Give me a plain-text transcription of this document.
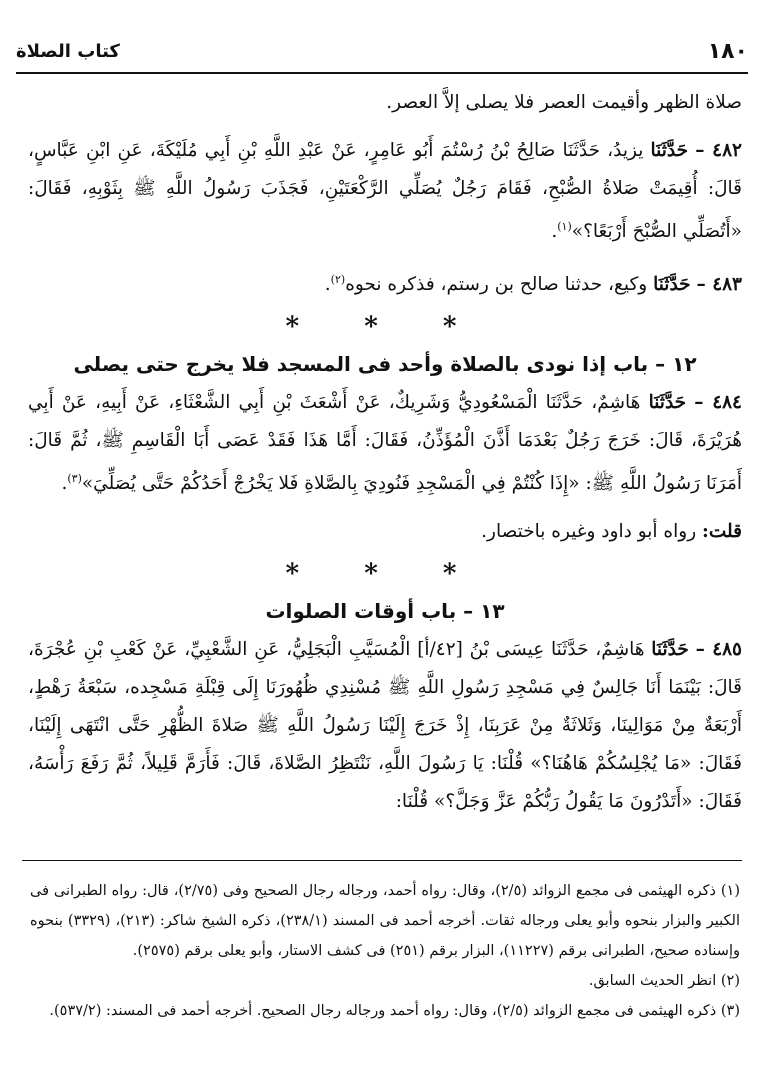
كتاب الصلاة	١٨٠

صلاة الظهر وأقيمت العصر فلا يصلى إلاَّ العصر.

٤٨٢ – حَدَّثَنَا يزيدُ، حَدَّثَنَا صَالِحُ بْنُ رُسْتُمَ أَبُو عَامِرٍ، عَنْ عَبْدِ اللَّهِ بْنِ أَبِي مُلَيْكَةَ، عَنِ ابْنِ عَبَّاسٍ، قَالَ: أُقِيمَتْ صَلاةُ الصُّبْحِ، فَقَامَ رَجُلٌ يُصَلِّي الرَّكْعَتَيْنِ، فَجَذَبَ رَسُولُ اللَّهِ ﷺ بِثَوْبِهِ، فَقَالَ: «أَتُصَلِّي الصُّبْحَ أَرْبَعًا؟»$^{(١)}$.

٤٨٣ – حَدَّثَنَا وكيع، حدثنا صالح بن رستم، فذكره نحوه$^{(٢)}$.

* * *
١٢ – باب إذا نودى بالصلاة وأحد فى المسجد فلا يخرج حتى يصلى

٤٨٤ – حَدَّثَنَا هَاشِمٌ، حَدَّثَنَا الْمَسْعُودِيُّ وَشَرِيكٌ، عَنْ أَشْعَثَ بْنِ أَبِي الشَّعْثَاءِ، عَنْ أَبِيهِ، عَنْ أَبِي هُرَيْرَةَ، قَالَ: خَرَجَ رَجُلٌ بَعْدَمَا أَذَّنَ الْمُؤَذِّنُ، فَقَالَ: أَمَّا هَذَا فَقَدْ عَصَى أَبَا الْقَاسِمِ ﷺ، ثُمَّ قَالَ: أَمَرَنَا رَسُولُ اللَّهِ ﷺ: «إِذَا كُنْتُمْ فِي الْمَسْجِدِ فَنُودِيَ بِالصَّلاةِ فَلا يَخْرُجْ أَحَدُكُمْ حَتَّى يُصَلِّيَ»$^{(٣)}$.

قلت: رواه أبو داود وغيره باختصار.

* * *
١٣ – باب أوقات الصلوات

٤٨٥ – حَدَّثَنَا هَاشِمٌ، حَدَّثَنَا عِيسَى بْنُ [٤٢/أ] الْمُسَيَّبِ الْبَجَلِيُّ، عَنِ الشَّعْبِيِّ، عَنْ كَعْبِ بْنِ عُجْرَةَ، قَالَ: بَيْنَمَا أَنَا جَالِسٌ فِي مَسْجِدِ رَسُولِ اللَّهِ ﷺ مُسْنِدِي ظُهُورَنَا إِلَى قِبْلَةِ مَسْجِده، سَبْعَةُ رَهْطٍ، أَرْبَعَةٌ مِنْ مَوَالِينَا، وَثَلاثَةٌ مِنْ عَرَبِنَا، إِذْ خَرَجَ إِلَيْنَا رَسُولُ اللَّهِ ﷺ صَلاةَ الظُّهْرِ حَتَّى انْتَهَى إِلَيْنَا، فَقَالَ: «مَا يُجْلِسُكُمْ هَاهُنَا؟» قُلْنَا: يَا رَسُولَ اللَّهِ، نَنْتَظِرُ الصَّلاةَ، قَالَ: فَأَرَمَّ قَلِيلاً، ثُمَّ رَفَعَ رَأْسَهُ، فَقَالَ: «أَتَدْرُونَ مَا يَقُولُ رَبُّكُمْ عَزَّ وَجَلَّ؟» قُلْنَا:

(١) ذكره الهيثمى فى مجمع الزوائد (٢/٥)، وقال: رواه أحمد، ورجاله رجال الصحيح وفى (٢/٧٥)، قال: رواه الطبرانى فى الكبير والبزار بنحوه وأبو يعلى ورجاله ثقات. أخرجه أحمد فى المسند (٢٣٨/١)، ذكره الشيخ شاكر: (٢١٣)، (٣٣٢٩) بنحوه وإسناده صحيح، الطبرانى برقم (١١٢٢٧)، البزار برقم (٢٥١) فى كشف الاستار، وأبو يعلى برقم (٢٥٧٥).

(٢) انظر الحديث السابق.

(٣) ذكره الهيثمى فى مجمع الزوائد (٢/٥)، وقال: رواه أحمد ورجاله رجال الصحيح. أخرجه أحمد فى المسند: (٥٣٧/٢).
